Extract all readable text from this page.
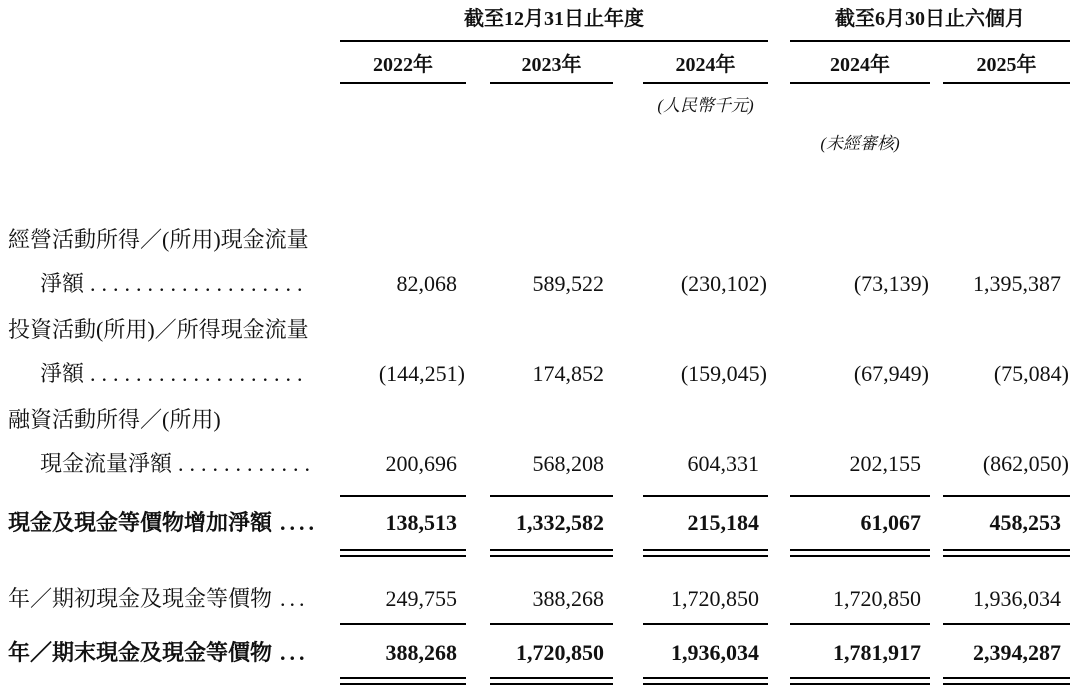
截至12月31日止年度	截至6月30日止六個月
2022年	2023年	2024年	2024年	2025年
(人民幣千元)
(未經審核)
經營活動所得／(所用)現金流量
淨額 ...................	82,068	589,522	(230,102)	(73,139)	1,395,387
投資活動(所用)／所得現金流量
淨額 ...................	(144,251)	174,852	(159,045)	(67,949)	(75,084)
融資活動所得／(所用)
現金流量淨額 ............	200,696	568,208	604,331	202,155	(862,050)
現金及現金等價物增加淨額 ....	138,513	1,332,582	215,184	61,067	458,253
年／期初現金及現金等價物 ...	249,755	388,268	1,720,850	1,720,850	1,936,034
年／期末現金及現金等價物 ...	388,268	1,720,850	1,936,034	1,781,917	2,394,287
